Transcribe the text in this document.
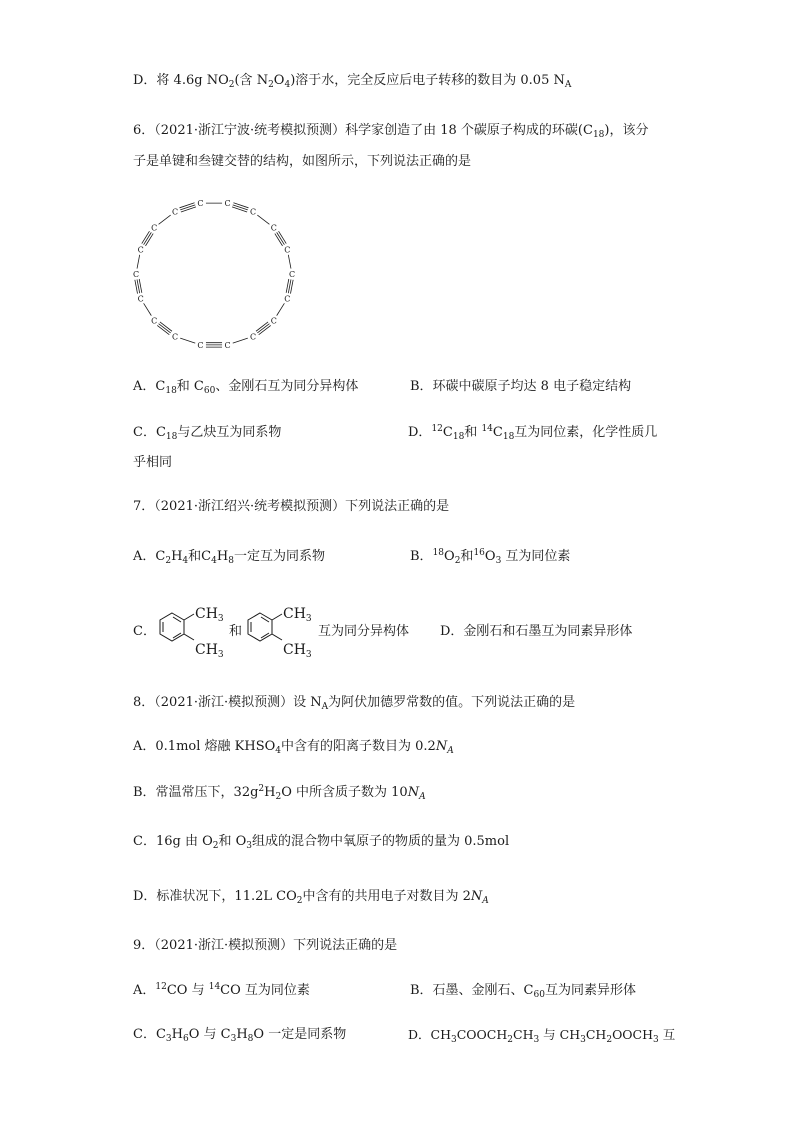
D．将 4.6g $NO_2$(含 $N_2O_4$)溶于水，完全反应后电子转移的数目为 0.05 $N_A$
6．（2021·浙江宁波·统考模拟预测）科学家创造了由 18 个碳原子构成的环碳$(C_{18})$，该分
子是单键和叁键交替的结构，如图所示，下列说法正确的是
C
C
C
C
C
C
C
C
C
C
C
C
C
C
C
C
C
C
A．$C_{18}$和 $C_{60}$、金刚石互为同分异构体	B．环碳中碳原子均达 8 电子稳定结构
C．$C_{18}$与乙炔互为同系物	D．$^{12}C_{18}$和 $^{14}C_{18}$互为同位素，化学性质几
乎相同
7．（2021·浙江绍兴·统考模拟预测）下列说法正确的是
A．$C_2H_4$和$C_4H_8$一定互为同系物	B．$^{18}O_2$和$^{16}O_3$ 互为同位素
C．
$CH_3$
$CH_3$
和
$CH_3$
$CH_3$
互为同分异构体 D．金刚石和石墨互为同素异形体
8．（2021·浙江·模拟预测）设 $N_A$为阿伏加德罗常数的值。下列说法正确的是
A．0.1mol 熔融 $KHSO_4$中含有的阳离子数目为 $0.2N_A$
B．常温常压下，$32g^2H_2O$ 中所含质子数为 $10N_A$
C．16g 由 $O_2$和 $O_3$组成的混合物中氧原子的物质的量为 0.5mol
D．标准状况下，11.2L $CO_2$中含有的共用电子对数目为 $2N_A$
9．（2021·浙江·模拟预测）下列说法正确的是
A．$^{12}$CO 与 $^{14}$CO 互为同位素	B．石墨、金刚石、$C_{60}$互为同素异形体
C．$C_3H_6O$ 与 $C_3H_8O$ 一定是同系物	D．$CH_3COOCH_2CH_3$ 与 $CH_3CH_2OOCH_3$ 互
